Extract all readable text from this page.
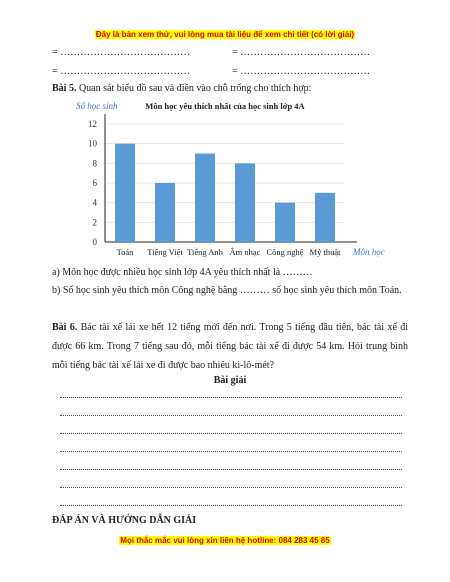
Đây là bản xem thử, vui lòng mua tài liệu để xem chi tiết (có lời giải)
= …………………………………	= …………………………………
= …………………………………	= …………………………………
Bài 5. Quan sát biểu đồ sau và điền vào chỗ trống cho thích hợp:
0
2
4
6
8
10
12
Toán Tiếng Việt Tiếng Anh Âm nhạc Công nghệ Mỹ thuật
Môn học yêu thích nhất của học sinh lớp 4A
Số học sinh
Môn học
a) Môn học được nhiều học sinh lớp 4A yêu thích nhất là ………
b) Số học sinh yêu thích môn Công nghệ bằng ……… số học sinh yêu thích môn Toán.
Bài 6. Bác tài xế lái xe hết 12 tiếng mới đến nơi. Trong 5 tiếng đầu tiên, bác tài xế đi được 66 km. Trong 7 tiếng sau đó, mỗi tiếng bác tài xế đi được 54 km. Hỏi trung bình mỗi tiếng bác tài xế lái xe đi được bao nhiêu ki-lô-mét?
Bài giải
ĐÁP ÁN VÀ HƯỚNG DẪN GIẢI
Mọi thắc mắc vui lòng xin liên hệ hotline: 084 283 45 85
